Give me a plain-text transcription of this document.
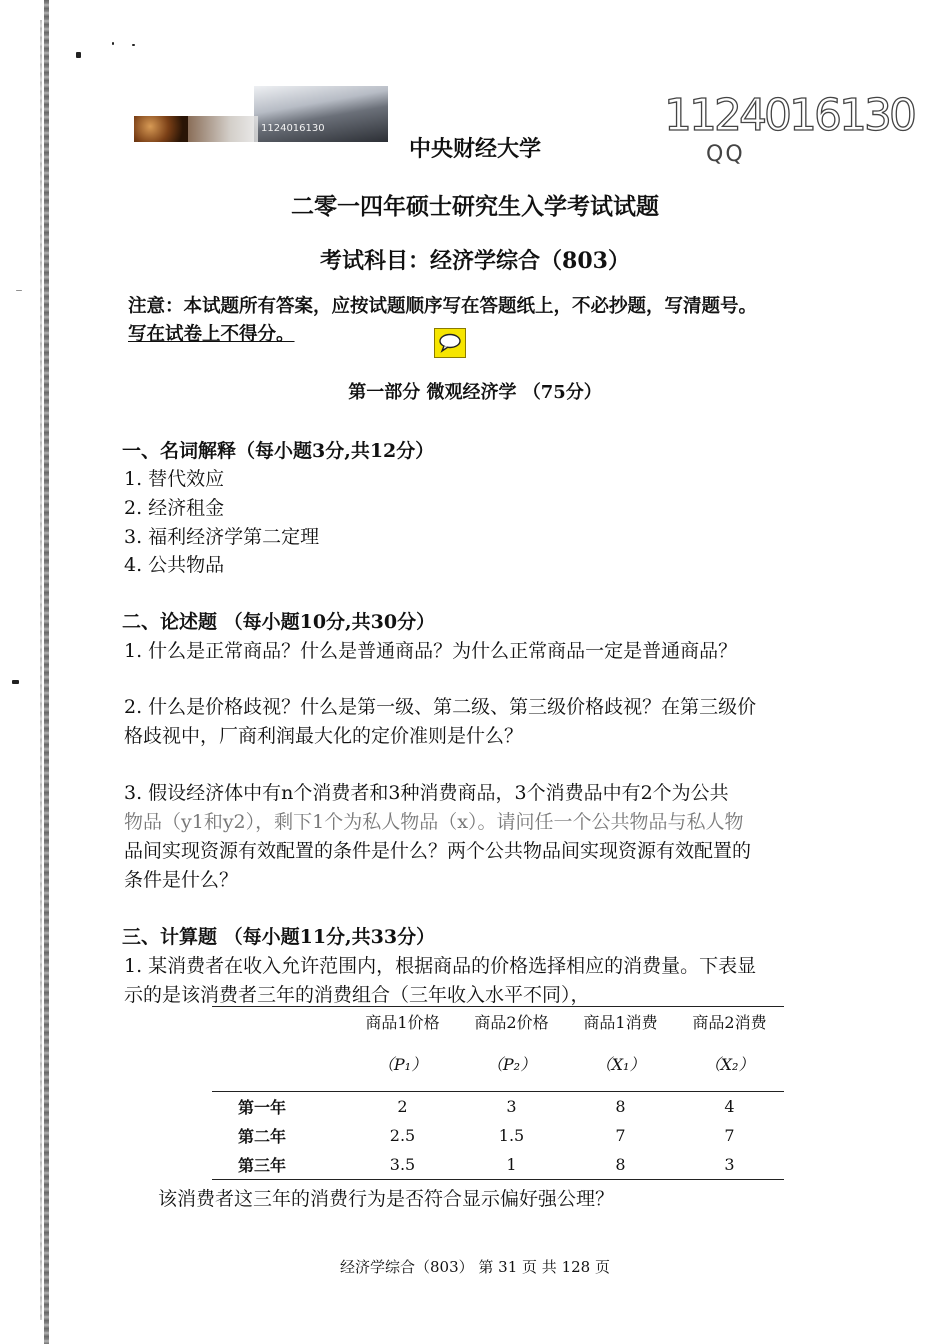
1124016130	1124016130
QQ
中央财经大学
二零一四年硕士研究生入学考试试题
考试科目：经济学综合（803）
注意：本试题所有答案，应按试题顺序写在答题纸上，不必抄题，写清题号。
写在试卷上不得分。
第一部分 微观经济学 （75分）
一、名词解释（每小题3分,共12分）
1. 替代效应
2. 经济租金
3. 福利经济学第二定理
4. 公共物品
二、论述题 （每小题10分,共30分）
1. 什么是正常商品？什么是普通商品？为什么正常商品一定是普通商品？
2. 什么是价格歧视？什么是第一级、第二级、第三级价格歧视？在第三级价
格歧视中，厂商利润最大化的定价准则是什么？
3. 假设经济体中有n个消费者和3种消费商品，3个消费品中有2个为公共
物品（y1和y2），剩下1个为私人物品（x）。请问任一个公共物品与私人物
品间实现资源有效配置的条件是什么？两个公共物品间实现资源有效配置的
条件是什么？
三、计算题 （每小题11分,共33分）
1. 某消费者在收入允许范围内，根据商品的价格选择相应的消费量。下表显
示的是该消费者三年的消费组合（三年收入水平不同），
	商品1价格	商品2价格	商品1消费	商品2消费
	（P₁）	（P₂）	（X₁）	（X₂）
第一年	2	3	8	4
第二年	2.5	1.5	7	7
第三年	3.5	1	8	3
该消费者这三年的消费行为是否符合显示偏好强公理？
经济学综合（803） 第 31 页 共 128 页
